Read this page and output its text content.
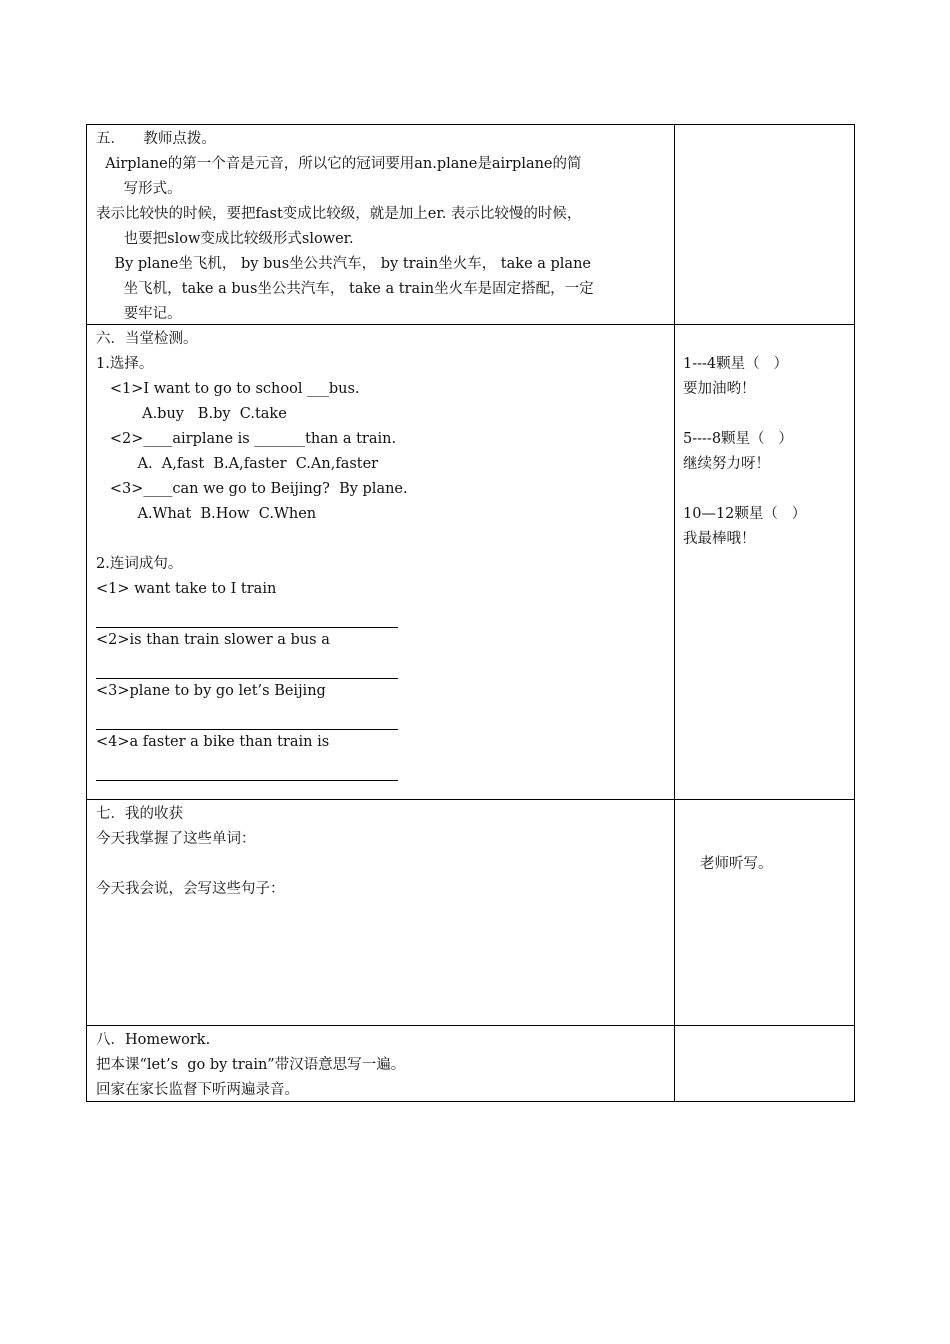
五．    教师点拨。
Airplane的第一个音是元音，所以它的冠词要用an.plane是airplane的简
写形式。
表示比较快的时候，要把fast变成比较级，就是加上er. 表示比较慢的时候，
也要把slow变成比较级形式slower.
By plane坐飞机， by bus坐公共汽车， by train坐火车， take a plane
坐飞机，take a bus坐公共汽车， take a train坐火车是固定搭配，一定
要牢记。
六．当堂检测。
1.选择。
<1>I want to go to school ___bus.
A.buy   B.by  C.take
<2>____airplane is _______than a train.
A.  A,fast  B.A,faster  C.An,faster
<3>____can we go to Beijing?  By plane.
A.What  B.How  C.When
2.连词成句。
<1> want take to I train
<2>is than train slower a bus a
<3>plane to by go let’s Beijing
<4>a faster a bike than train is
1---4颗星（   ）
要加油哟！
5----8颗星（   ）
继续努力呀！
10—12颗星（   ）
我最棒哦！
七．我的收获
今天我掌握了这些单词：
今天我会说，会写这些句子：
老师听写。
八．Homework.
把本课“let’s  go by train”带汉语意思写一遍。
回家在家长监督下听两遍录音。
